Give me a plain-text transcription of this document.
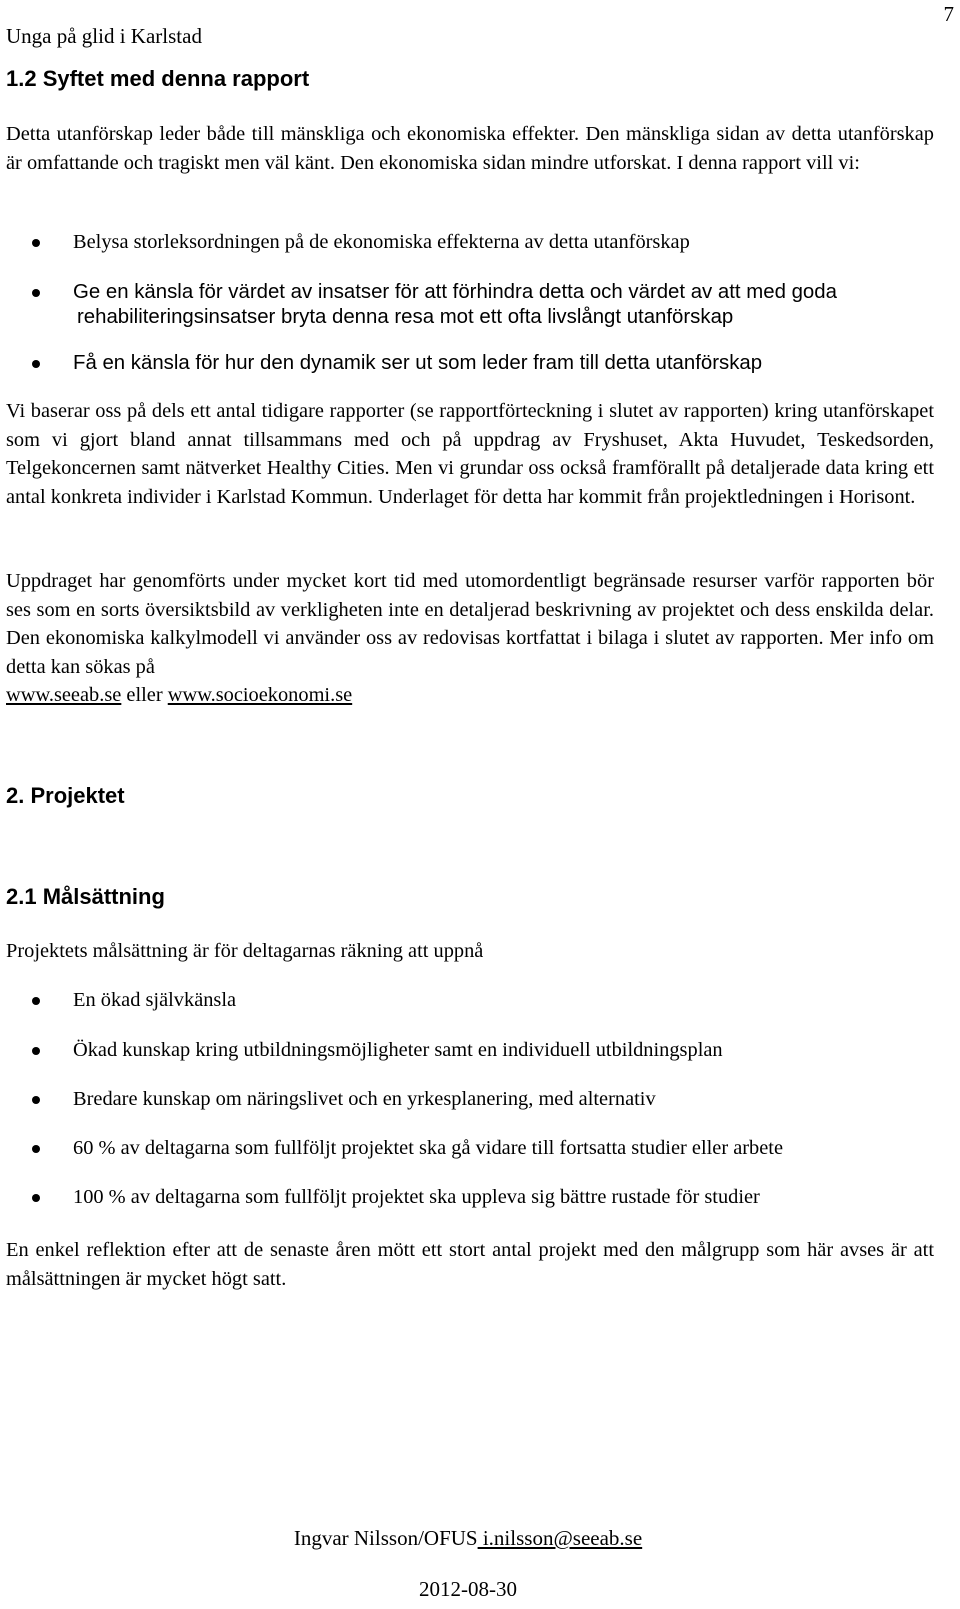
7
Unga på glid i Karlstad
1.2 Syftet med denna rapport
Detta utanförskap leder både till mänskliga och ekonomiska effekter. Den mänskliga sidan av detta utanförskap är omfattande och tragiskt men väl känt. Den ekonomiska sidan mindre utforskat. I denna rapport vill vi:
Belysa storleksordningen på de ekonomiska effekterna av detta utanförskap
Ge en känsla för värdet av insatser för att förhindra detta och värdet av att med goda
rehabiliteringsinsatser bryta denna resa mot ett ofta livslångt utanförskap
Få en känsla för hur den dynamik ser ut som leder fram till detta utanförskap
Vi baserar oss på dels ett antal tidigare rapporter (se rapportförteckning i slutet av rapporten) kring utanförskapet som vi gjort bland annat tillsammans med och på uppdrag av Fryshuset, Akta Huvudet, Teskedsorden, Telgekoncernen samt nätverket Healthy Cities. Men vi grundar oss också framförallt på detaljerade data kring ett antal konkreta individer i Karlstad Kommun. Underlaget för detta har kommit från projektledningen i Horisont.
Uppdraget har genomförts under mycket kort tid med utomordentligt begränsade resurser varför rapporten bör ses som en sorts översiktsbild av verkligheten inte en detaljerad beskrivning av projektet och dess enskilda delar. Den ekonomiska kalkylmodell vi använder oss av redovisas kortfattat i bilaga i slutet av rapporten. Mer info om detta kan sökas på
www.seeab.se eller www.socioekonomi.se
2. Projektet
2.1 Målsättning
Projektets målsättning är för deltagarnas räkning att uppnå
En ökad självkänsla
Ökad kunskap kring utbildningsmöjligheter samt en individuell utbildningsplan
Bredare kunskap om näringslivet och en yrkesplanering, med alternativ
60 % av deltagarna som fullföljt projektet ska gå vidare till fortsatta studier eller arbete
100 % av deltagarna som fullföljt projektet ska uppleva sig bättre rustade för studier
En enkel reflektion efter att de senaste åren mött ett stort antal projekt med den målgrupp som här avses är att målsättningen är mycket högt satt.
Ingvar Nilsson/OFUS i.nilsson@seeab.se
2012-08-30
